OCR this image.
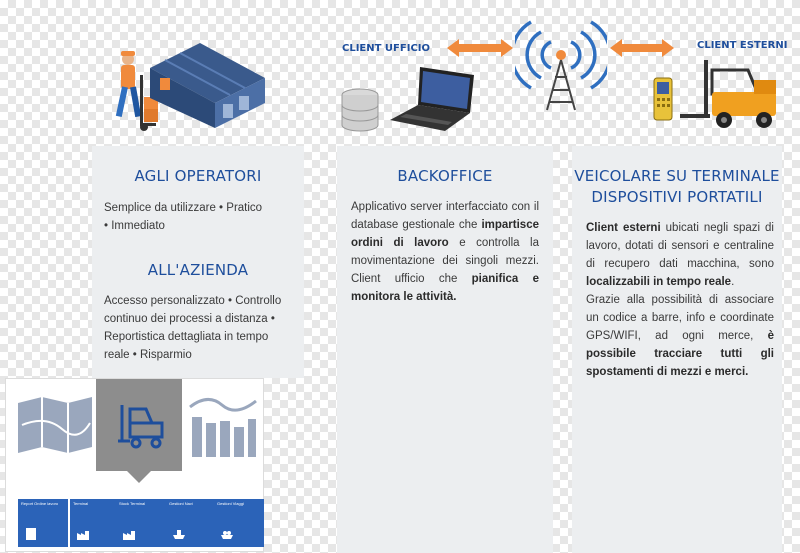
CLIENT UFFICIO	CLIENT ESTERNI
AGLI OPERATORI
Semplice da utilizzare • Pratico
• Immediato
ALL'AZIENDA
Accesso personalizzato • Controllo
continuo dei processi a distanza •
Reportistica dettagliata in tempo
reale • Risparmio
BACKOFFICE
Applicativo server interfacciato con il database gestionale che impartisce ordini di lavoro e controlla la movimentazione dei singoli mezzi. Client ufficio che pianifica e monitora le attività.
VEICOLARE SU TERMINALE
DISPOSITIVI PORTATILI
Client esterni ubicati negli spazi di lavoro, dotati di sensori e centraline di recupero dati macchina, sono localizzabili in tempo reale.
Grazie alla possibilità di associare un codice a barre, info e coordinate GPS/WIFI, ad ogni merce, è possibile tracciare tutti gli spostamenti di mezzi e merci.
Report Ordine lavoro	Terminal	Stock Terminal	Gestioni Navi	Gestioni Viaggi
